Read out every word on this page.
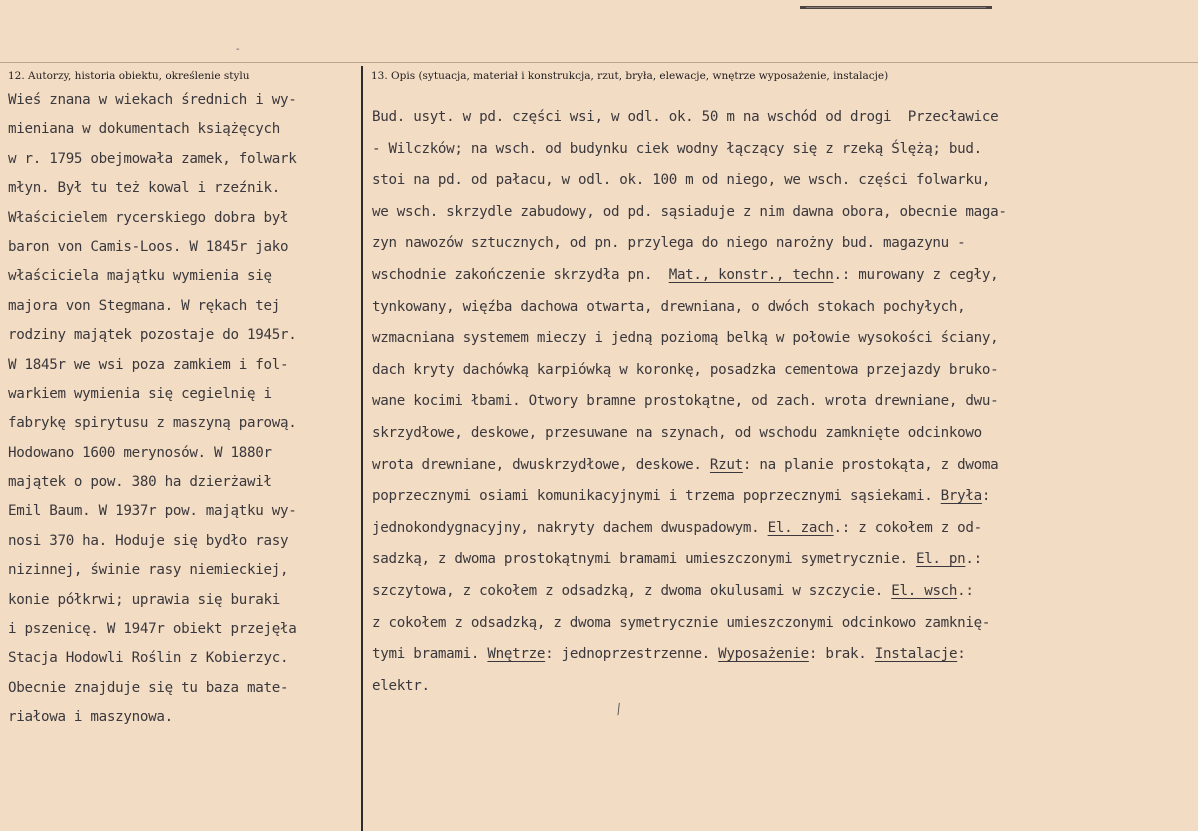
12. Autorzy, historia obiektu, określenie stylu	13. Opis (sytuacja, materiał i konstrukcja, rzut, bryła, elewacje, wnętrze wyposażenie, instalacje)
Wieś znana w wiekach średnich i wy-
mieniana w dokumentach książęcych
w r. 1795 obejmowała zamek, folwark
młyn. Był tu też kowal i rzeźnik.
Właścicielem rycerskiego dobra był
baron von Camis-Loos. W 1845r jako
właściciela majątku wymienia się
majora von Stegmana. W rękach tej
rodziny majątek pozostaje do 1945r.
W 1845r we wsi poza zamkiem i fol-
warkiem wymienia się cegielnię i
fabrykę spirytusu z maszyną parową.
Hodowano 1600 merynosów. W 1880r
majątek o pow. 380 ha dzierżawił
Emil Baum. W 1937r pow. majątku wy-
nosi 370 ha. Hoduje się bydło rasy
nizinnej, świnie rasy niemieckiej,
konie półkrwi; uprawia się buraki
i pszenicę. W 1947r obiekt przejęła
Stacja Hodowli Roślin z Kobierzyc.
Obecnie znajduje się tu baza mate-
riałowa i maszynowa.
Bud. usyt. w pd. części wsi, w odl. ok. 50 m na wschód od drogi  Przecławice
- Wilczków; na wsch. od budynku ciek wodny łączący się z rzeką Ślężą; bud.
stoi na pd. od pałacu, w odl. ok. 100 m od niego, we wsch. części folwarku,
we wsch. skrzydle zabudowy, od pd. sąsiaduje z nim dawna obora, obecnie maga-
zyn nawozów sztucznych, od pn. przylega do niego narożny bud. magazynu -
wschodnie zakończenie skrzydła pn.  Mat., konstr., techn.: murowany z cegły,
tynkowany, więźba dachowa otwarta, drewniana, o dwóch stokach pochyłych,
wzmacniana systemem mieczy i jedną poziomą belką w połowie wysokości ściany,
dach kryty dachówką karpiówką w koronkę, posadzka cementowa przejazdy bruko-
wane kocimi łbami. Otwory bramne prostokątne, od zach. wrota drewniane, dwu-
skrzydłowe, deskowe, przesuwane na szynach, od wschodu zamknięte odcinkowo
wrota drewniane, dwuskrzydłowe, deskowe. Rzut: na planie prostokąta, z dwoma
poprzecznymi osiami komunikacyjnymi i trzema poprzecznymi sąsiekami. Bryła:
jednokondygnacyjny, nakryty dachem dwuspadowym. El. zach.: z cokołem z od-
sadzką, z dwoma prostokątnymi bramami umieszczonymi symetrycznie. El. pn.:
szczytowa, z cokołem z odsadzką, z dwoma okulusami w szczycie. El. wsch.:
z cokołem z odsadzką, z dwoma symetrycznie umieszczonymi odcinkowo zamknię-
tymi bramami. Wnętrze: jednoprzestrzenne. Wyposażenie: brak. Instalacje:
elektr.
-
⁄
